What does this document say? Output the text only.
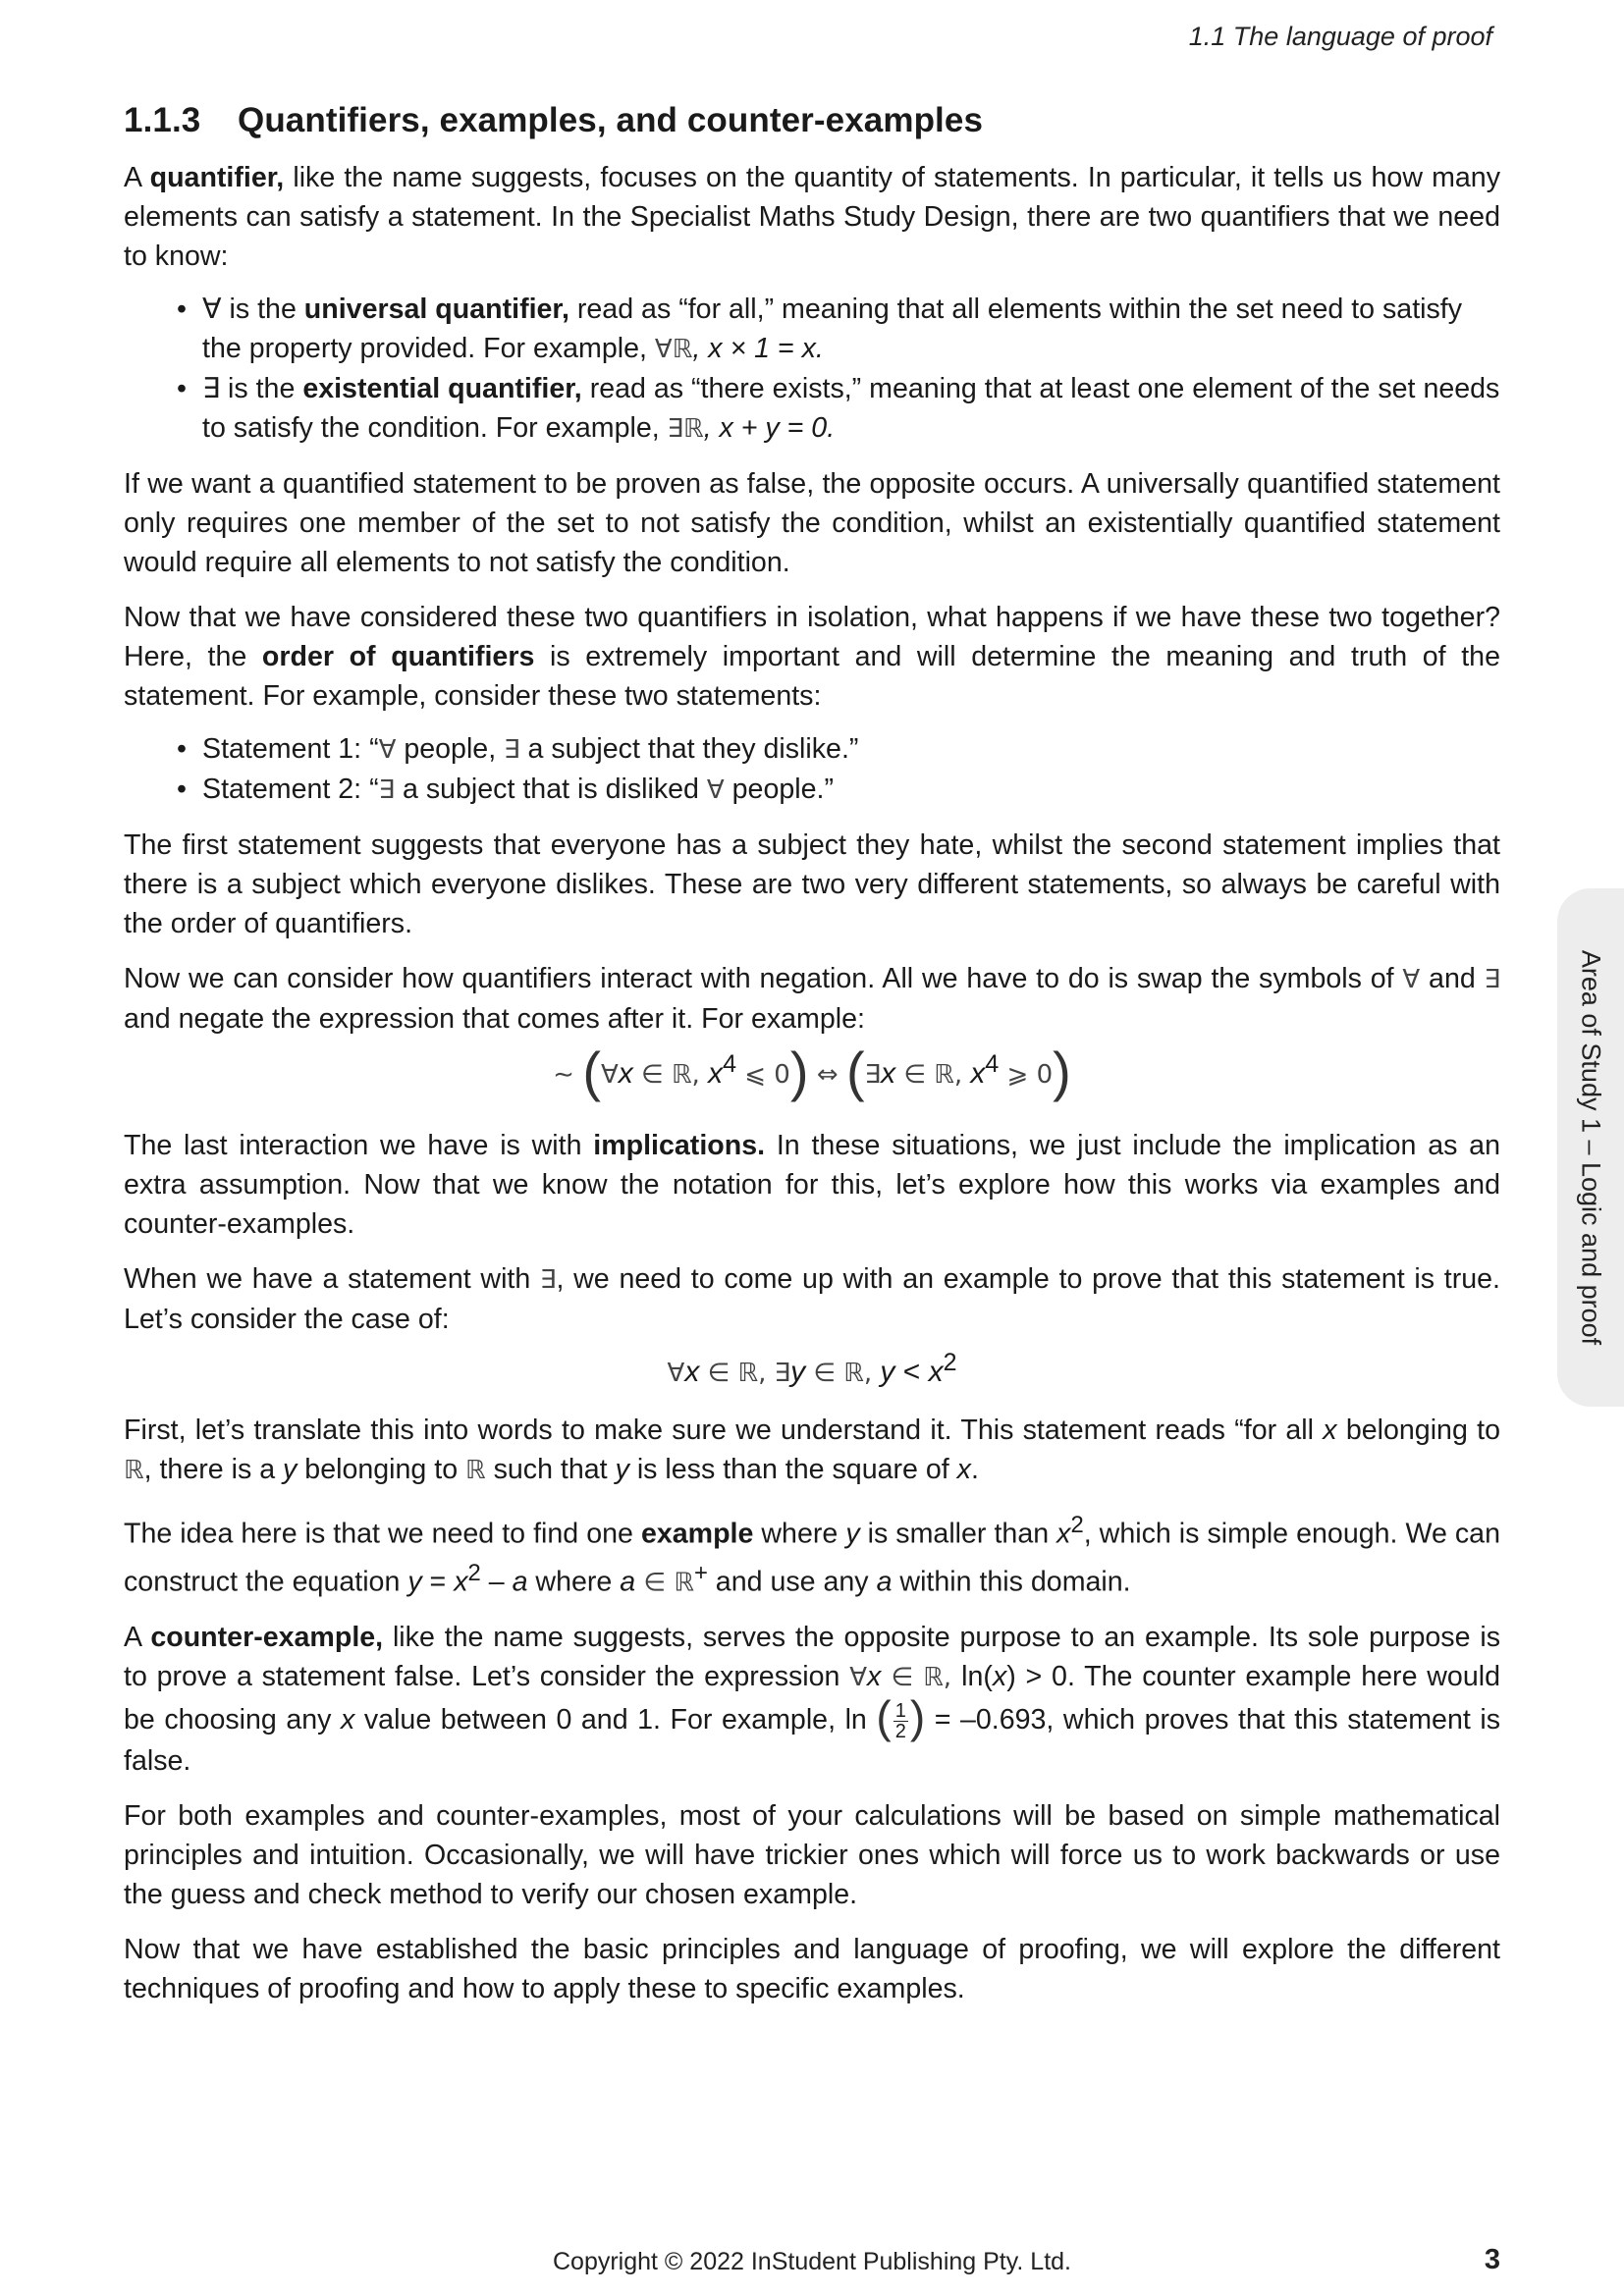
1.1 The language of proof
1.1.3 Quantifiers, examples, and counter-examples

A quantifier, like the name suggests, focuses on the quantity of statements. In particular, it tells us how many elements can satisfy a statement. In the Specialist Maths Study Design, there are two quantifiers that we need to know:

• ∀ is the universal quantifier, read as “for all,” meaning that all elements within the set need to satisfy the property provided. For example, ∀ℝ, x × 1 = x.
• ∃ is the existential quantifier, read as “there exists,” meaning that at least one element of the set needs to satisfy the condition. For example, ∃ℝ, x + y = 0.

If we want a quantified statement to be proven as false, the opposite occurs. A universally quantified statement only requires one member of the set to not satisfy the condition, whilst an existentially quantified statement would require all elements to not satisfy the condition.

Now that we have considered these two quantifiers in isolation, what happens if we have these two together? Here, the order of quantifiers is extremely important and will determine the meaning and truth of the statement. For example, consider these two statements:

• Statement 1: “∀ people, ∃ a subject that they dislike.”
• Statement 2: “∃ a subject that is disliked ∀ people.”

The first statement suggests that everyone has a subject they hate, whilst the second statement implies that there is a subject which everyone dislikes. These are two very different statements, so always be careful with the order of quantifiers.

Now we can consider how quantifiers interact with negation. All we have to do is swap the symbols of ∀ and ∃ and negate the expression that comes after it. For example:

∼ (∀x ∈ ℝ, $x^4$ ⩽ 0) ⇔ (∃x ∈ ℝ, $x^4$ ⩾ 0)

The last interaction we have is with implications. In these situations, we just include the implication as an extra assumption. Now that we know the notation for this, let’s explore how this works via examples and counter-examples.

When we have a statement with ∃, we need to come up with an example to prove that this statement is true. Let’s consider the case of:

∀x ∈ ℝ, ∃y ∈ ℝ, $y < x^2$

First, let’s translate this into words to make sure we understand it. This statement reads “for all x belonging to ℝ, there is a y belonging to ℝ such that y is less than the square of x.

The idea here is that we need to find one example where y is smaller than $x^2$, which is simple enough. We can construct the equation $y = x^2 - a$ where a ∈ ℝ+ and use any a within this domain.

A counter-example, like the name suggests, serves the opposite purpose to an example. Its sole purpose is to prove a statement false. Let’s consider the expression ∀x ∈ ℝ, ln(x) > 0. The counter example here would be choosing any x value between 0 and 1. For example, ln ( $\frac{1}{2}$ ) = –0.693, which proves that this statement is false.

For both examples and counter-examples, most of your calculations will be based on simple mathematical principles and intuition. Occasionally, we will have trickier ones which will force us to work backwards or use the guess and check method to verify our chosen example.

Now that we have established the basic principles and language of proofing, we will explore the different techniques of proofing and how to apply these to specific examples.

Area of Study 1 – Logic and proof
Copyright © 2022 InStudent Publishing Pty. Ltd.	3
